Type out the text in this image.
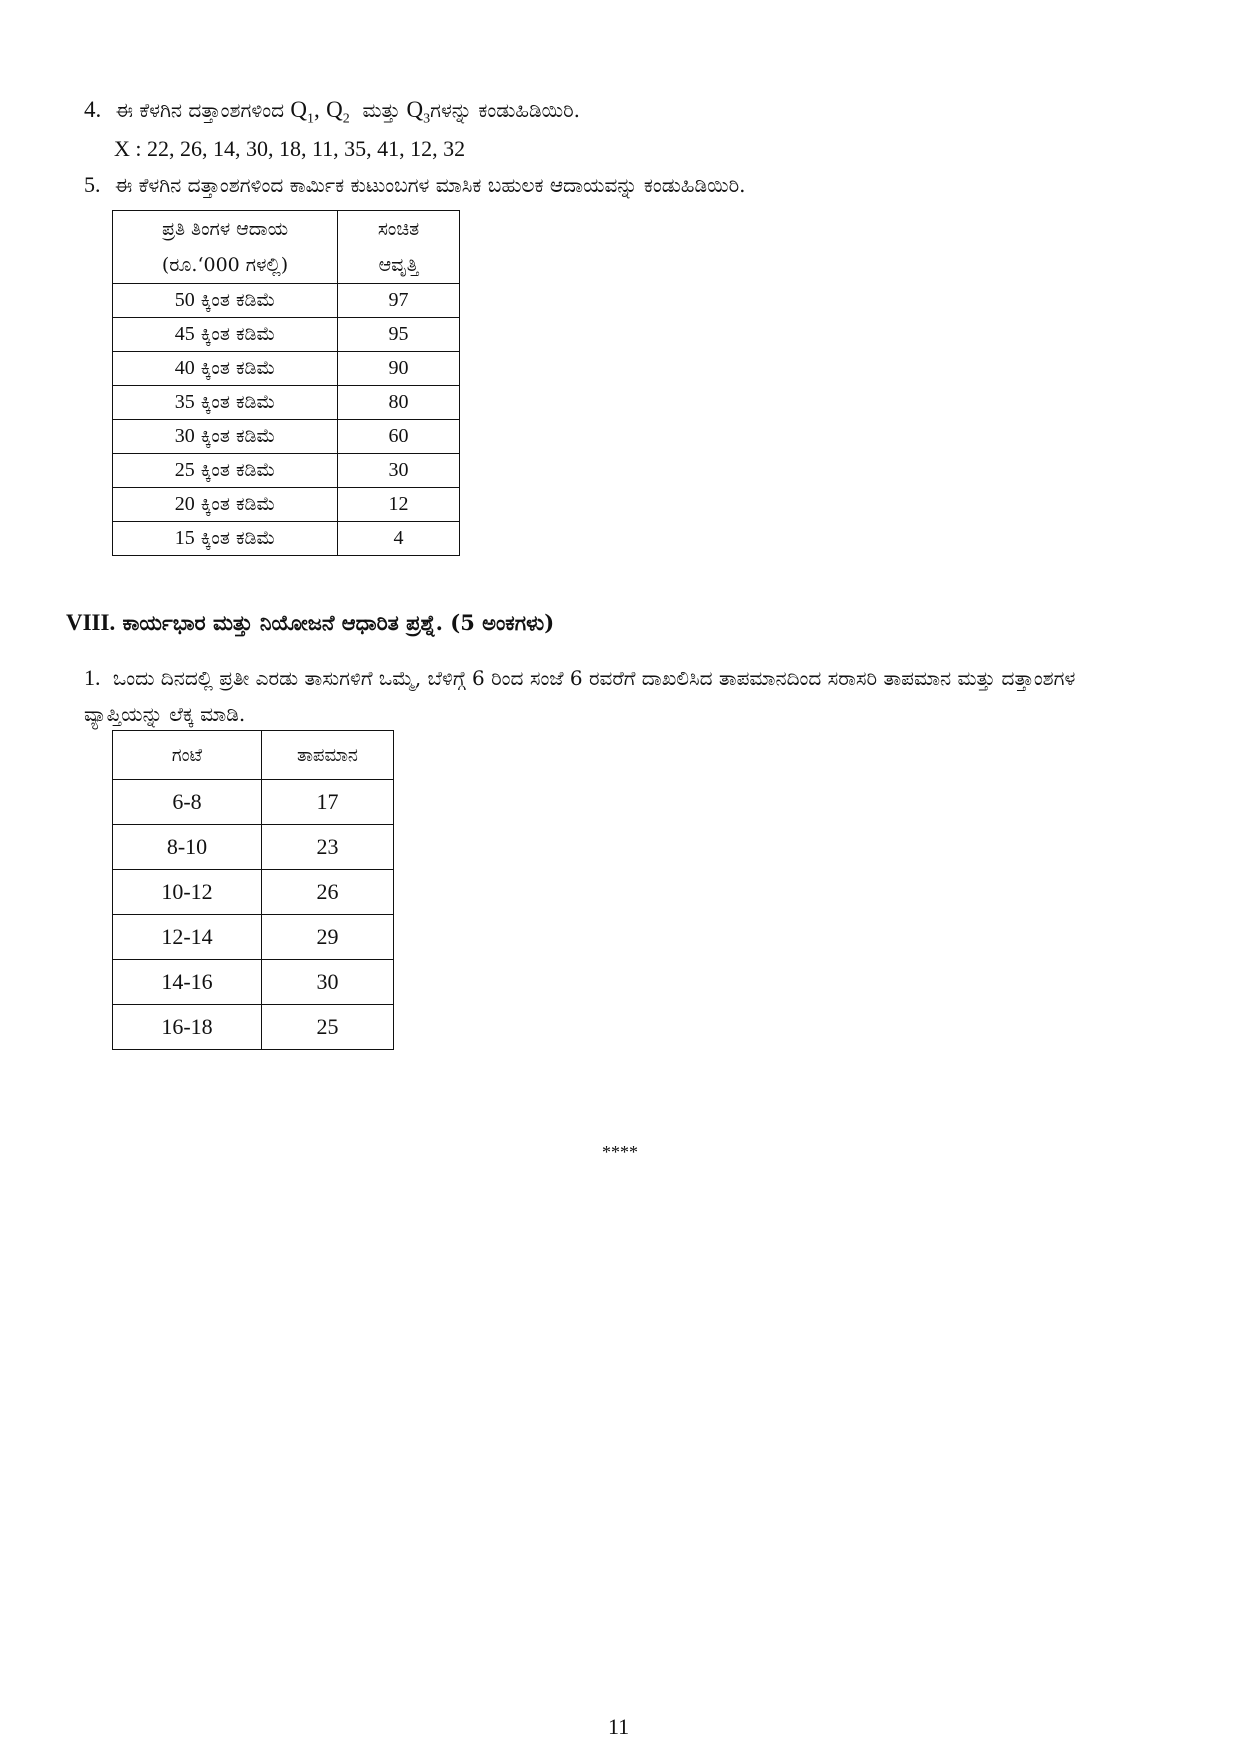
4. ಈ ಕೆಳಗಿನ ದತ್ತಾಂಶಗಳಿಂದ $Q_1$, $Q_2$ ಮತ್ತು $Q_3ಗಳನ್ನು$ ಕಂಡುಹಿಡಿಯಿರಿ.
X : 22, 26, 14, 30, 18, 11, 35, 41, 12, 32
5. ಈ ಕೆಳಗಿನ ದತ್ತಾಂಶಗಳಿಂದ ಕಾರ್ಮಿಕ ಕುಟುಂಬಗಳ ಮಾಸಿಕ ಬಹುಲಕ ಆದಾಯವನ್ನು ಕಂಡುಹಿಡಿಯಿರಿ.
ಪ್ರತಿ ತಿಂಗಳ ಆದಾಯ	ಸಂಚಿತ
(ರೂ.‘000 ಗಳಲ್ಲಿ)	ಆವೃತ್ತಿ
50 ಕ್ಕಿಂತ ಕಡಿಮೆ	97
45 ಕ್ಕಿಂತ ಕಡಿಮೆ	95
40 ಕ್ಕಿಂತ ಕಡಿಮೆ	90
35 ಕ್ಕಿಂತ ಕಡಿಮೆ	80
30 ಕ್ಕಿಂತ ಕಡಿಮೆ	60
25 ಕ್ಕಿಂತ ಕಡಿಮೆ	30
20 ಕ್ಕಿಂತ ಕಡಿಮೆ	12
15 ಕ್ಕಿಂತ ಕಡಿಮೆ	4
VIII. ಕಾರ್ಯಭಾರ ಮತ್ತು ನಿಯೋಜನೆ ಆಧಾರಿತ ಪ್ರಶ್ನೆ. (5 ಅಂಕಗಳು)
1. ಒಂದು ದಿನದಲ್ಲಿ ಪ್ರತೀ ಎರಡು ತಾಸುಗಳಿಗೆ ಒಮ್ಮೆ, ಬೆಳಿಗ್ಗೆ 6 ರಿಂದ ಸಂಜೆ 6 ರವರೆಗೆ ದಾಖಲಿಸಿದ ತಾಪಮಾನದಿಂದ ಸರಾಸರಿ ತಾಪಮಾನ ಮತ್ತು ದತ್ತಾಂಶಗಳ ವ್ಯಾಪ್ತಿಯನ್ನು ಲೆಕ್ಕ ಮಾಡಿ.
ಗಂಟೆ	ತಾಪಮಾನ
6-8	17
8-10	23
10-12	26
12-14	29
14-16	30
16-18	25
****
11
